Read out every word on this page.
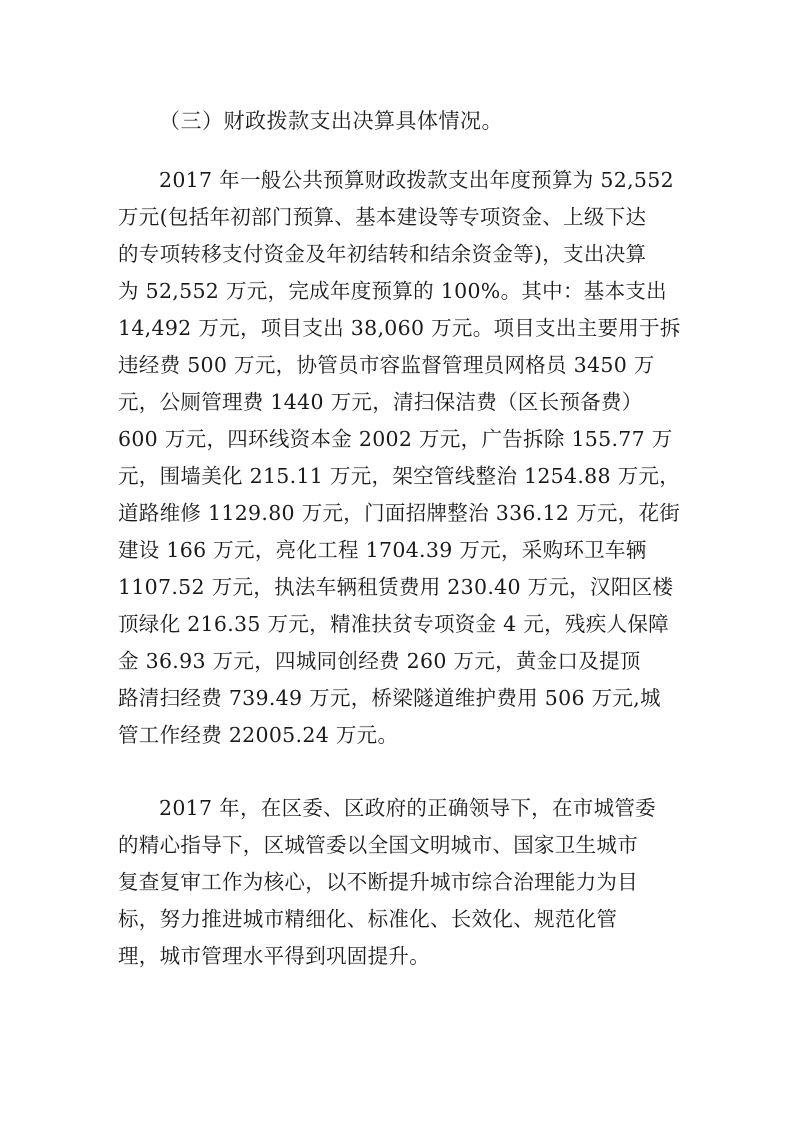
（三）财政拨款支出决算具体情况。
2017 年一般公共预算财政拨款支出年度预算为 52,552
万元(包括年初部门预算、基本建设等专项资金、上级下达
的专项转移支付资金及年初结转和结余资金等)，支出决算
为 52,552 万元，完成年度预算的 100%。其中：基本支出
14,492 万元，项目支出 38,060 万元。项目支出主要用于拆
违经费 500 万元，协管员市容监督管理员网格员 3450 万
元，公厕管理费 1440 万元，清扫保洁费（区长预备费）
600 万元，四环线资本金 2002 万元，广告拆除 155.77 万
元，围墙美化 215.11 万元，架空管线整治 1254.88 万元，
道路维修 1129.80 万元，门面招牌整治 336.12 万元，花街
建设 166 万元，亮化工程 1704.39 万元，采购环卫车辆
1107.52 万元，执法车辆租赁费用 230.40 万元，汉阳区楼
顶绿化 216.35 万元，精准扶贫专项资金 4 元，残疾人保障
金 36.93 万元，四城同创经费 260 万元，黄金口及提顶
路清扫经费 739.49 万元，桥梁隧道维护费用 506 万元,城
管工作经费 22005.24 万元。
2017 年，在区委、区政府的正确领导下，在市城管委
的精心指导下，区城管委以全国文明城市、国家卫生城市
复查复审工作为核心，以不断提升城市综合治理能力为目
标，努力推进城市精细化、标准化、长效化、规范化管
理，城市管理水平得到巩固提升。
